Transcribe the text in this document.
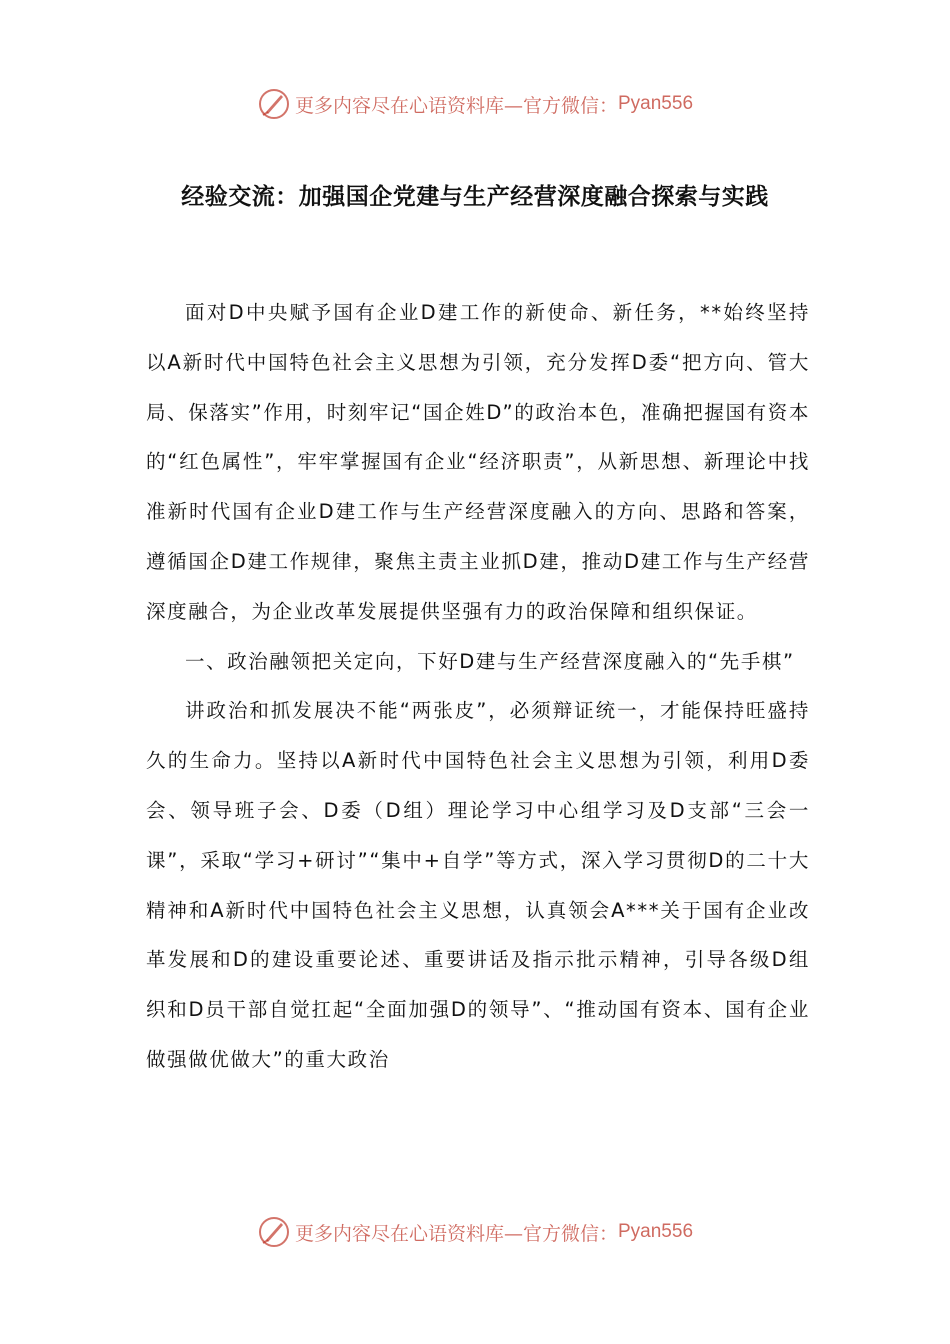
更多内容尽在心语资料库—官方微信： Pyan556
经验交流：加强国企党建与生产经营深度融合探索与实践

面对D中央赋予国有企业D建工作的新使命、新任务，**始终坚持以A新时代中国特色社会主义思想为引领，充分发挥D委“把方向、管大局、保落实”作用，时刻牢记“国企姓D”的政治本色，准确把握国有资本的“红色属性”，牢牢掌握国有企业“经济职责”，从新思想、新理论中找准新时代国有企业D建工作与生产经营深度融入的方向、思路和答案，遵循国企D建工作规律，聚焦主责主业抓D建，推动D建工作与生产经营深度融合，为企业改革发展提供坚强有力的政治保障和组织保证。

一、政治融领把关定向，下好D建与生产经营深度融入的“先手棋”

讲政治和抓发展决不能“两张皮”，必须辩证统一，才能保持旺盛持久的生命力。坚持以A新时代中国特色社会主义思想为引领，利用D委会、领导班子会、D委（D组）理论学习中心组学习及D支部“三会一课”，采取“学习+研讨”“集中+自学”等方式，深入学习贯彻D的二十大精神和A新时代中国特色社会主义思想，认真领会A***关于国有企业改革发展和D的建设重要论述、重要讲话及指示批示精神，引导各级D组织和D员干部自觉扛起“全面加强D的领导”、“推动国有资本、国有企业做强做优做大”的重大政治

更多内容尽在心语资料库—官方微信： Pyan556
